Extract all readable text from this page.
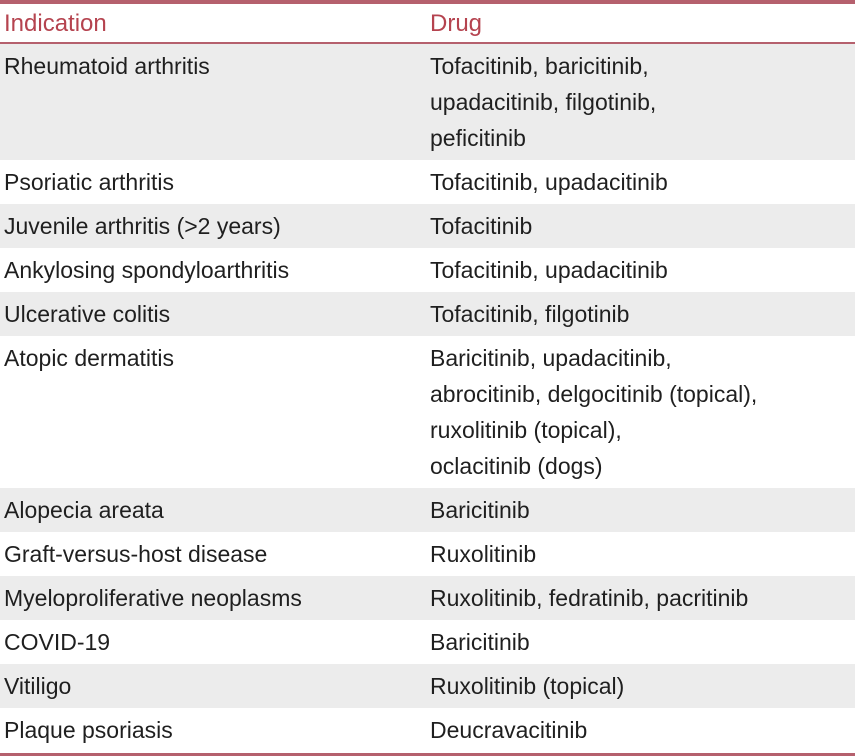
Indication	Drug
Rheumatoid arthritis	Tofacitinib, baricitinib,
upadacitinib, filgotinib,
peficitinib
Psoriatic arthritis	Tofacitinib, upadacitinib
Juvenile arthritis (>2 years)	Tofacitinib
Ankylosing spondyloarthritis	Tofacitinib, upadacitinib
Ulcerative colitis	Tofacitinib, filgotinib
Atopic dermatitis	Baricitinib, upadacitinib,
abrocitinib, delgocitinib (topical),
ruxolitinib (topical),
oclacitinib (dogs)
Alopecia areata	Baricitinib
Graft-versus-host disease	Ruxolitinib
Myeloproliferative neoplasms	Ruxolitinib, fedratinib, pacritinib
COVID-19	Baricitinib
Vitiligo	Ruxolitinib (topical)
Plaque psoriasis	Deucravacitinib
